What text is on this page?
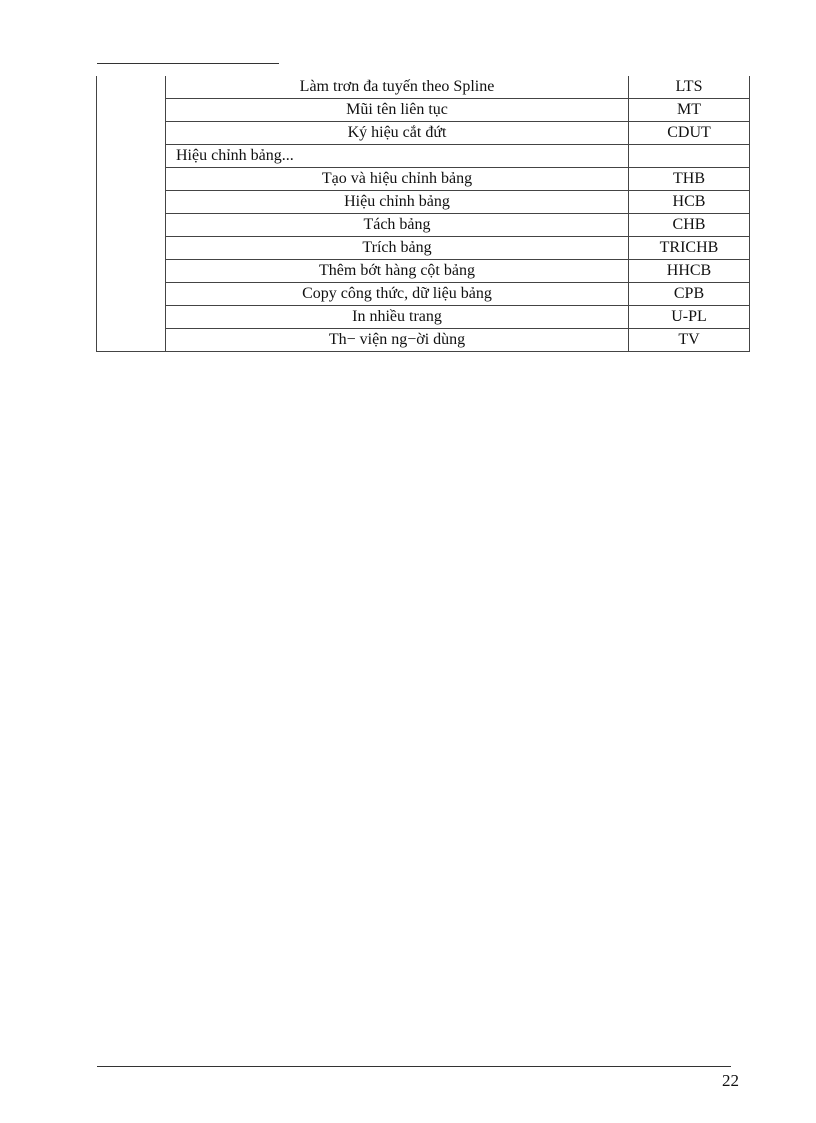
	Làm trơn đa tuyến theo Spline	LTS
	Mũi tên liên tục	MT
	Ký hiệu cắt đứt	CDUT
	Hiệu chỉnh bảng...	
	Tạo và hiệu chỉnh bảng	THB
	Hiệu chỉnh bảng	HCB
	Tách bảng	CHB
	Trích bảng	TRICHB
	Thêm bớt hàng cột bảng	HHCB
	Copy công thức, dữ liệu bảng	CPB
	In nhiều trang	U-PL
	Th− viện ng−ời dùng	TV
22
